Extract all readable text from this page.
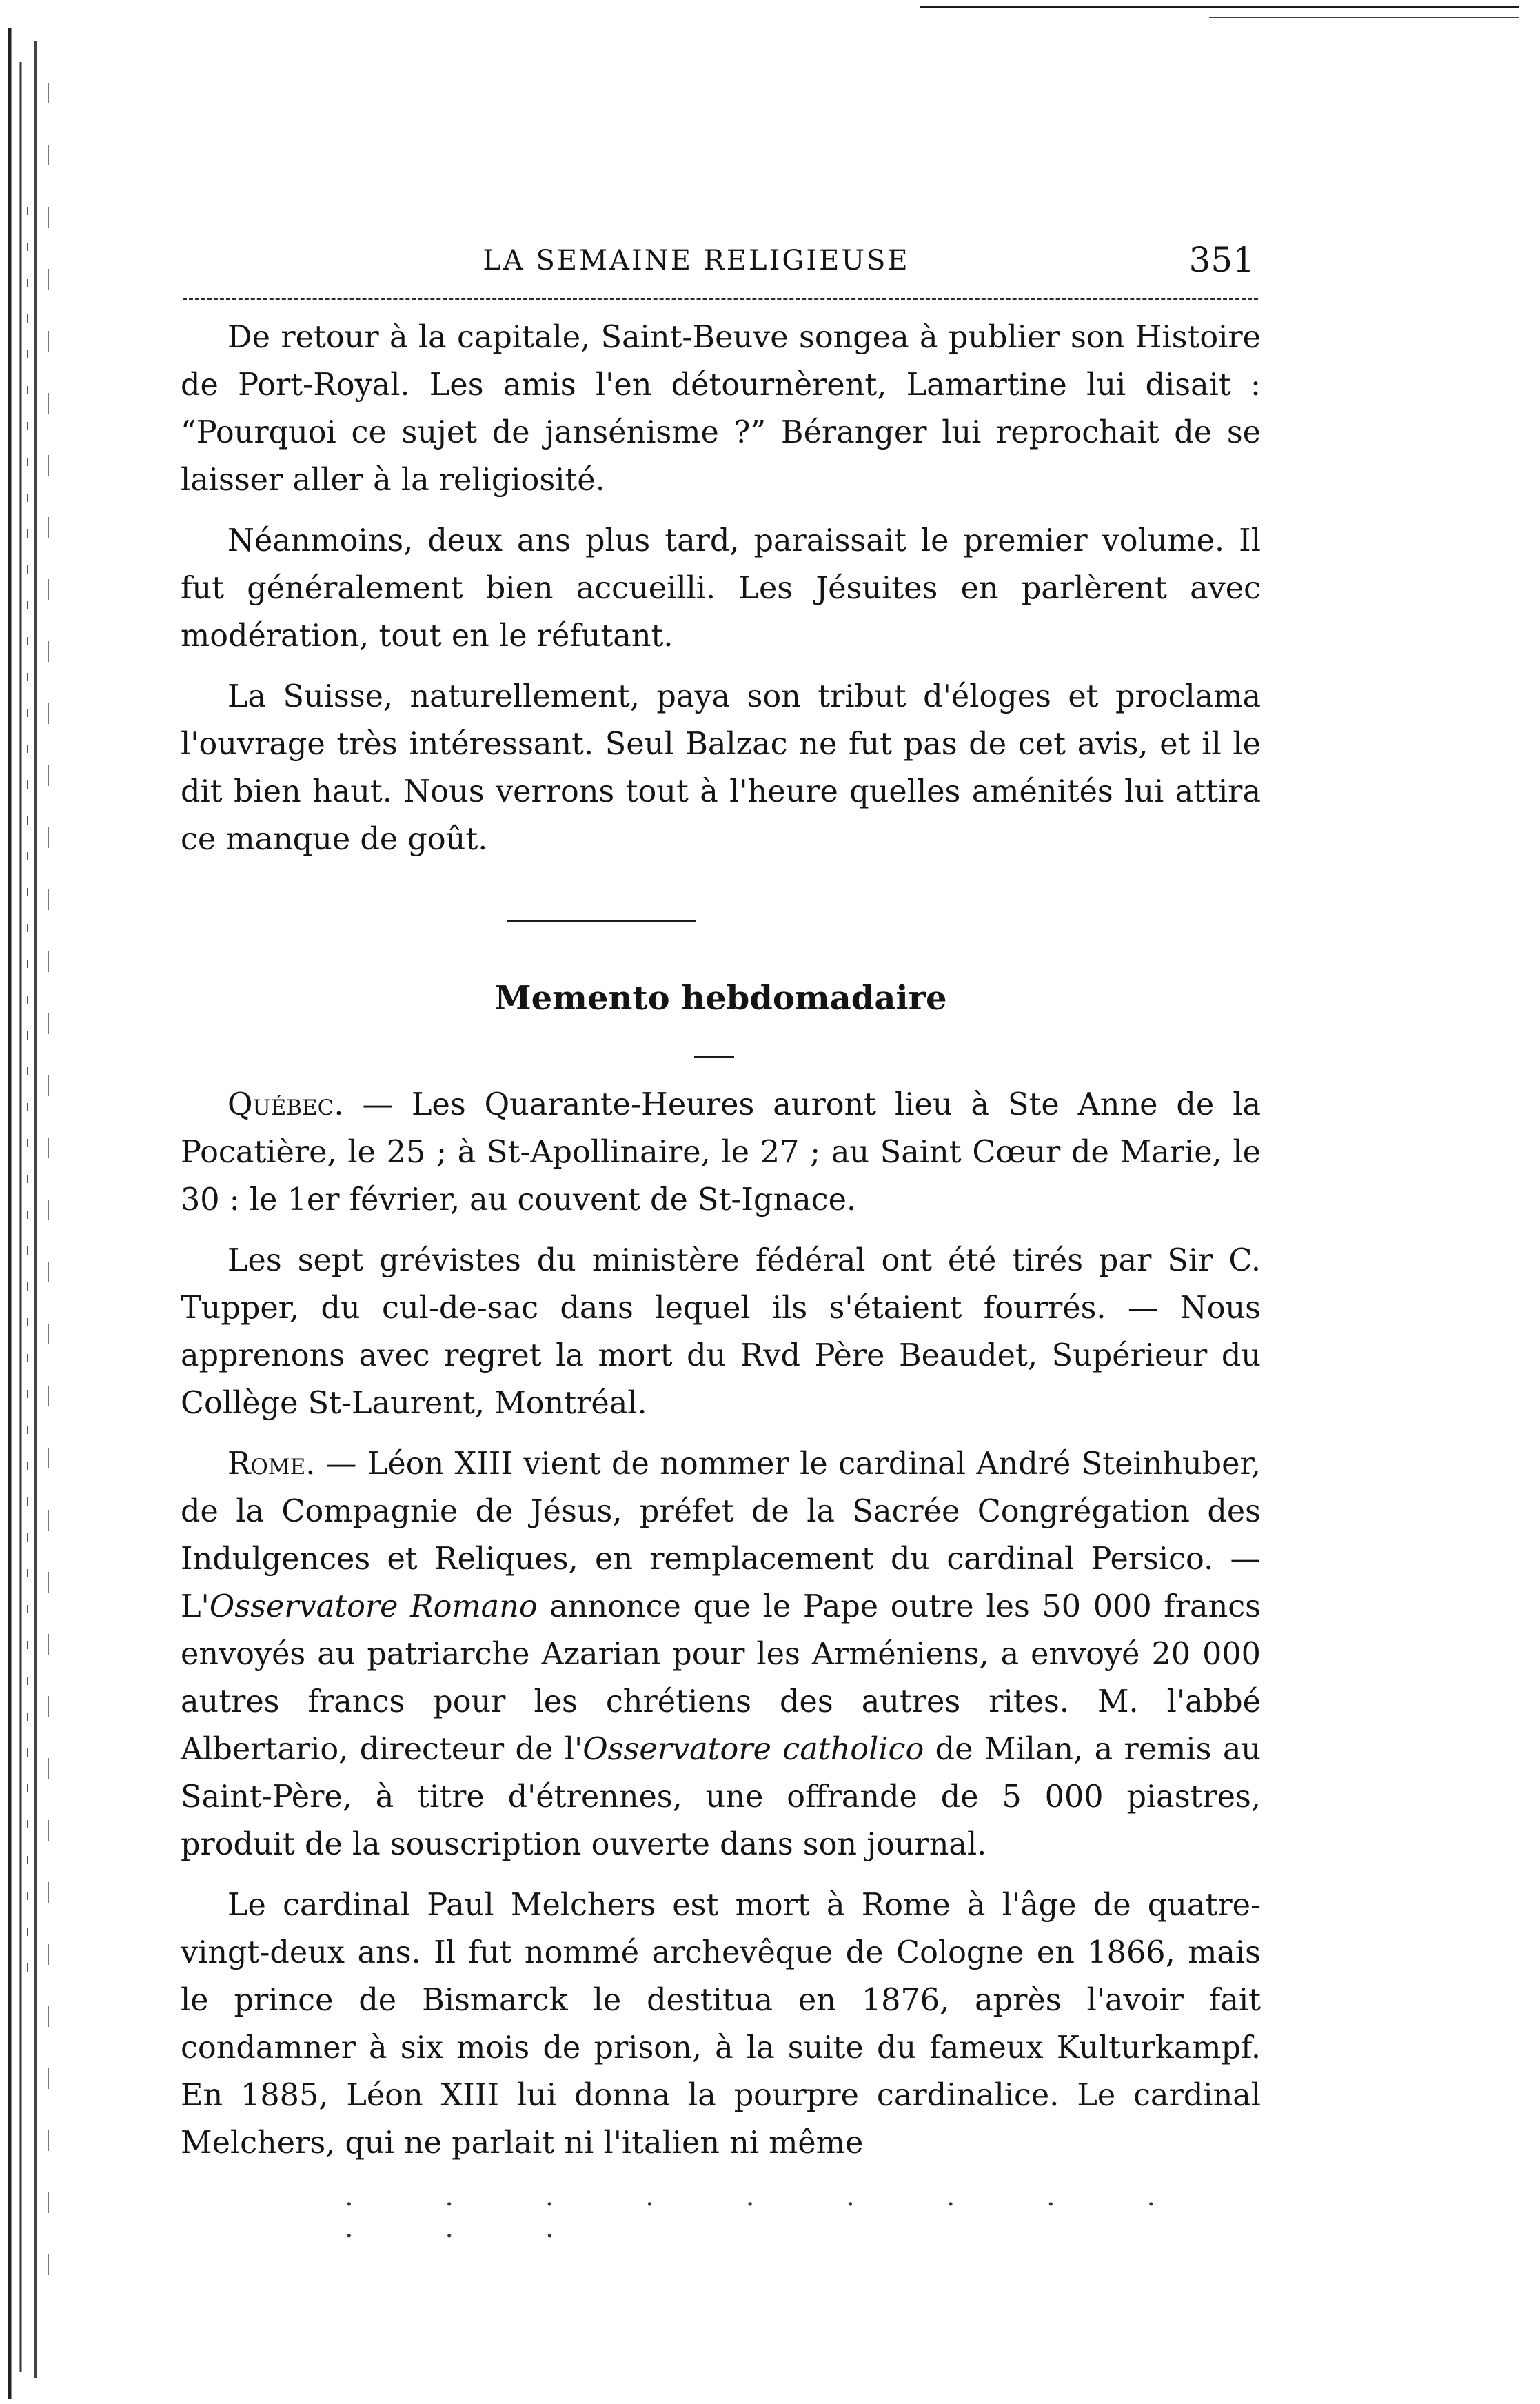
LA SEMAINE RELIGIEUSE	351

De retour à la capitale, Saint-Beuve songea à publier son Histoire de Port-Royal. Les amis l'en détournèrent, Lamartine lui disait : “Pourquoi ce sujet de jansénisme ?” Béranger lui reprochait de se laisser aller à la religiosité.

Néanmoins, deux ans plus tard, paraissait le premier volume. Il fut généralement bien accueilli. Les Jésuites en parlèrent avec modération, tout en le réfutant.

La Suisse, naturellement, paya son tribut d'éloges et proclama l'ouvrage très intéressant. Seul Balzac ne fut pas de cet avis, et il le dit bien haut. Nous verrons tout à l'heure quelles aménités lui attira ce manque de goût.

Memento hebdomadaire

Québec. — Les Quarante-Heures auront lieu à Ste Anne de la Pocatière, le 25 ; à St-Apollinaire, le 27 ; au Saint Cœur de Marie, le 30 : le 1er février, au couvent de St-Ignace.

Les sept grévistes du ministère fédéral ont été tirés par Sir C. Tupper, du cul-de-sac dans lequel ils s'étaient fourrés. — Nous apprenons avec regret la mort du Rvd Père Beaudet, Supérieur du Collège St-Laurent, Montréal.

Rome. — Léon XIII vient de nommer le cardinal André Steinhuber, de la Compagnie de Jésus, préfet de la Sacrée Congrégation des Indulgences et Reliques, en remplacement du cardinal Persico. — L'Osservatore Romano annonce que le Pape outre les 50 000 francs envoyés au patriarche Azarian pour les Arméniens, a envoyé 20 000 autres francs pour les chrétiens des autres rites. M. l'abbé Albertario, directeur de l'Osservatore catholico de Milan, a remis au Saint-Père, à titre d'étrennes, une offrande de 5 000 piastres, produit de la souscription ouverte dans son journal.

Le cardinal Paul Melchers est mort à Rome à l'âge de quatre-vingt-deux ans. Il fut nommé archevêque de Cologne en 1866, mais le prince de Bismarck le destitua en 1876, après l'avoir fait condamner à six mois de prison, à la suite du fameux Kulturkampf. En 1885, Léon XIII lui donna la pourpre cardinalice. Le cardinal Melchers, qui ne parlait ni l'italien ni même

· · · · · · · · · · · ·
